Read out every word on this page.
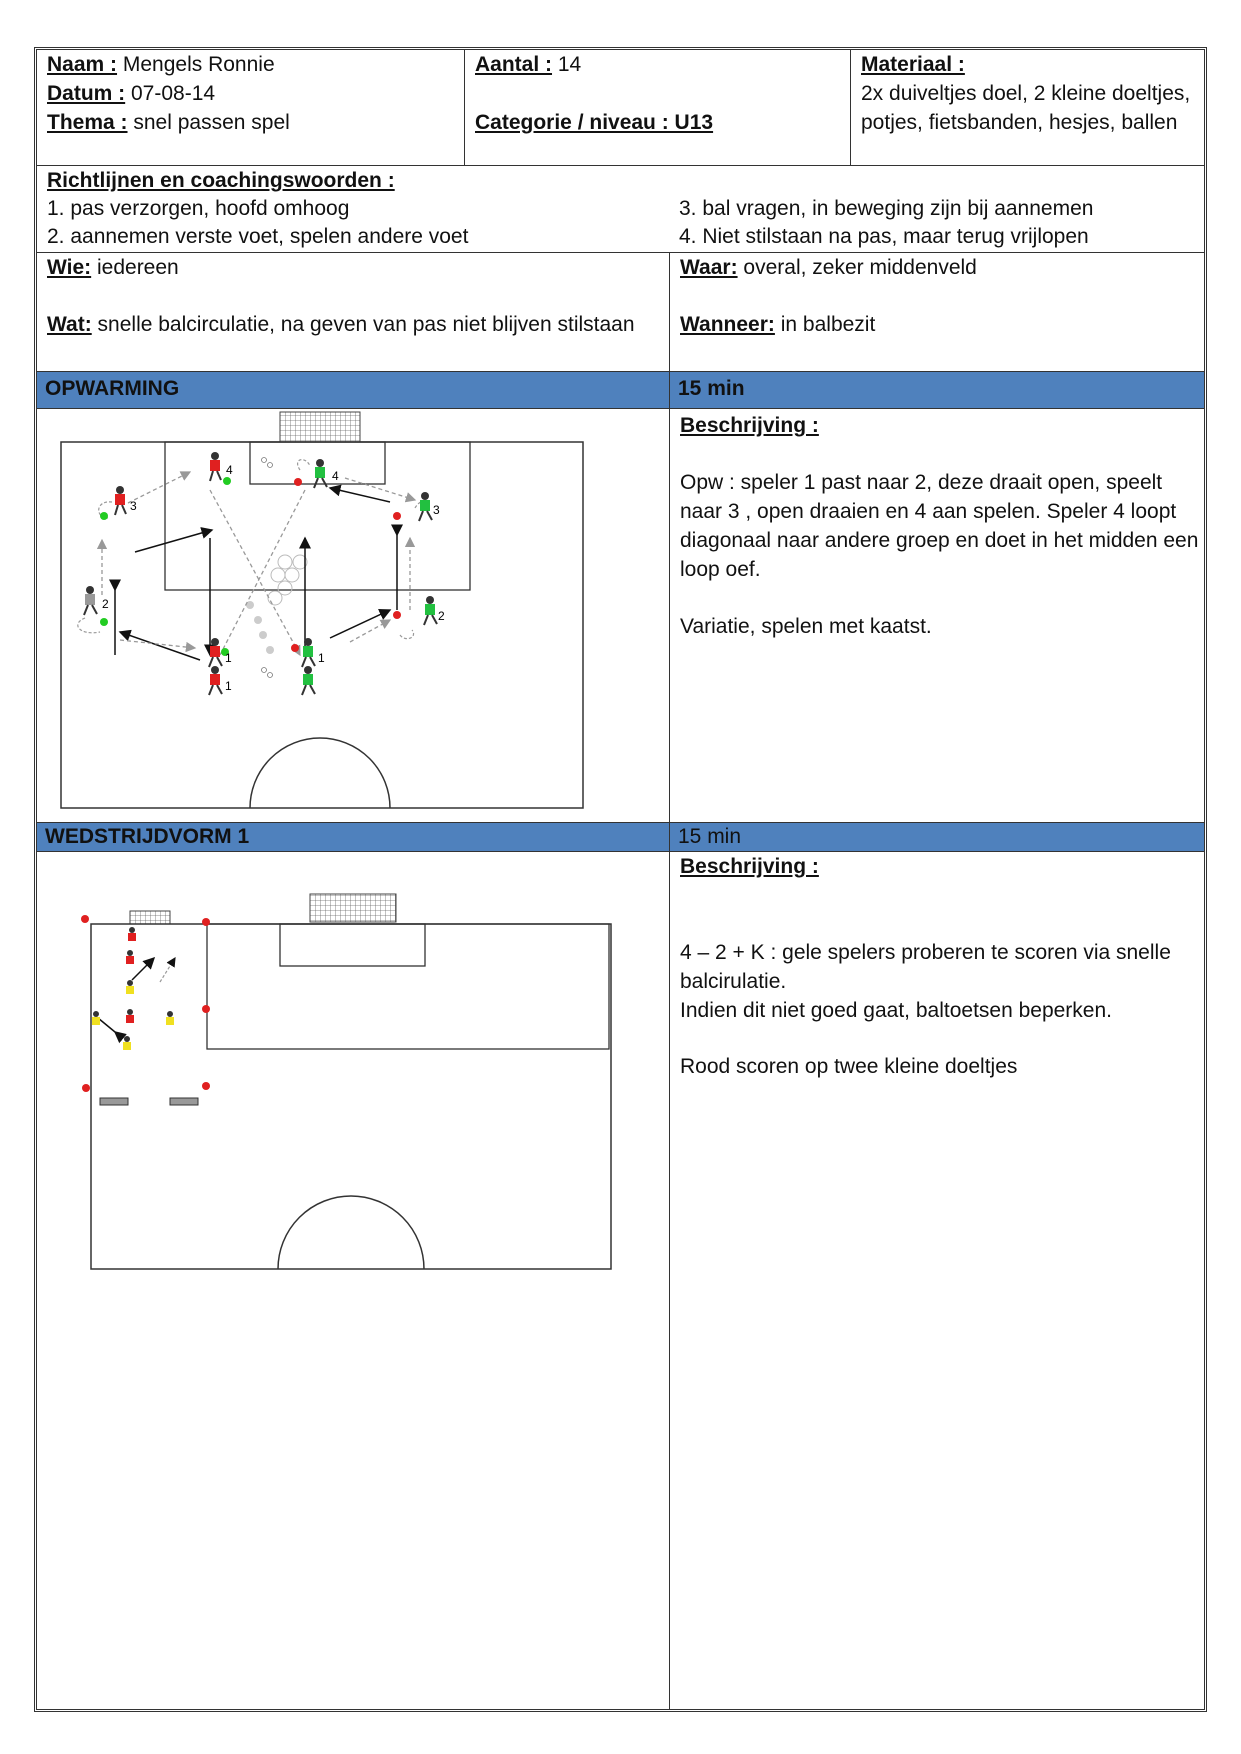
Naam : Mengels Ronnie
Datum : 07-08-14
Thema : snel passen spel
Aantal : 14
Categorie / niveau : U13
Materiaal :
2x duiveltjes doel, 2 kleine doeltjes,
potjes, fietsbanden, hesjes, ballen
Richtlijnen en coachingswoorden :
1. pas verzorgen, hoofd omhoog
2. aannemen verste voet, spelen andere voet
3. bal vragen, in beweging zijn bij aannemen
4. Niet stilstaan na pas, maar terug vrijlopen
Wie: iedereen
Wat: snelle balcirculatie, na geven van pas niet blijven stilstaan
Waar: overal, zeker middenveld
Wanneer: in balbezit
OPWARMING	15 min
Beschrijving :
Opw : speler 1 past naar 2, deze draait open, speelt
naar 3 , open draaien en 4 aan spelen. Speler 4 loopt
diagonaal naar andere groep en doet in het midden een
loop oef.
Variatie, spelen met kaatst.
3
2
4
1
1
4
3
2
1
WEDSTRIJDVORM 1	15 min
Beschrijving :
4 – 2 + K : gele spelers proberen te scoren via snelle
balcirulatie.
Indien dit niet goed gaat, baltoetsen beperken.
Rood scoren op twee kleine doeltjes
